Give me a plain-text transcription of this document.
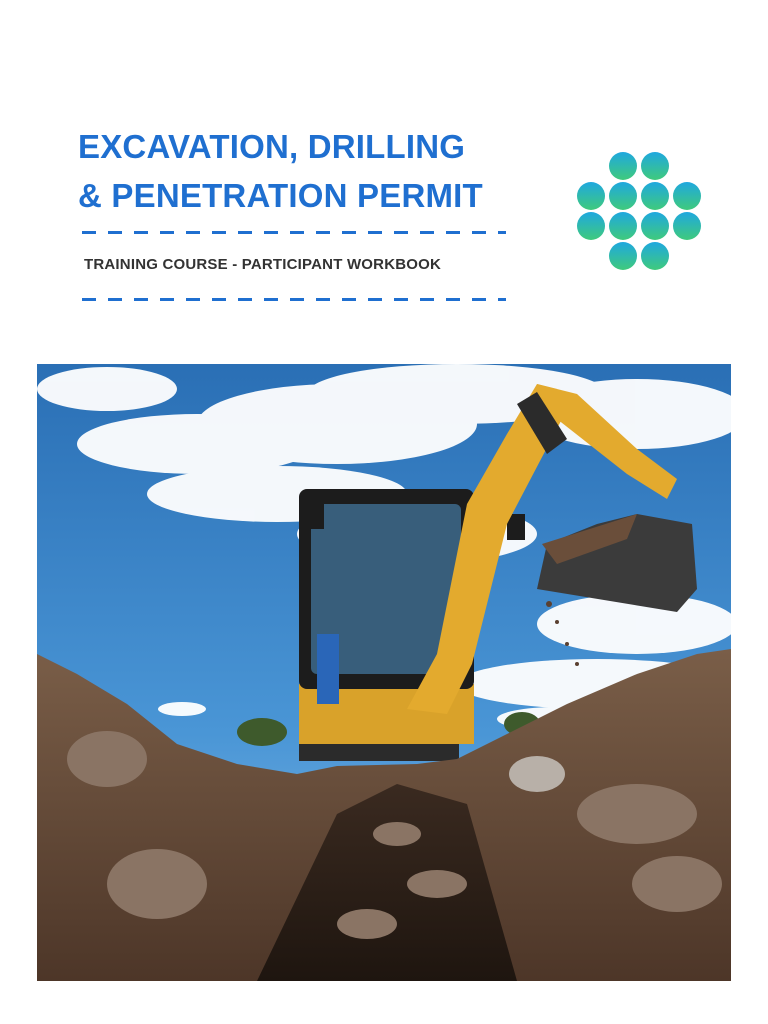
EXCAVATION, DRILLING
& PENETRATION PERMIT
TRAINING COURSE - PARTICIPANT WORKBOOK
